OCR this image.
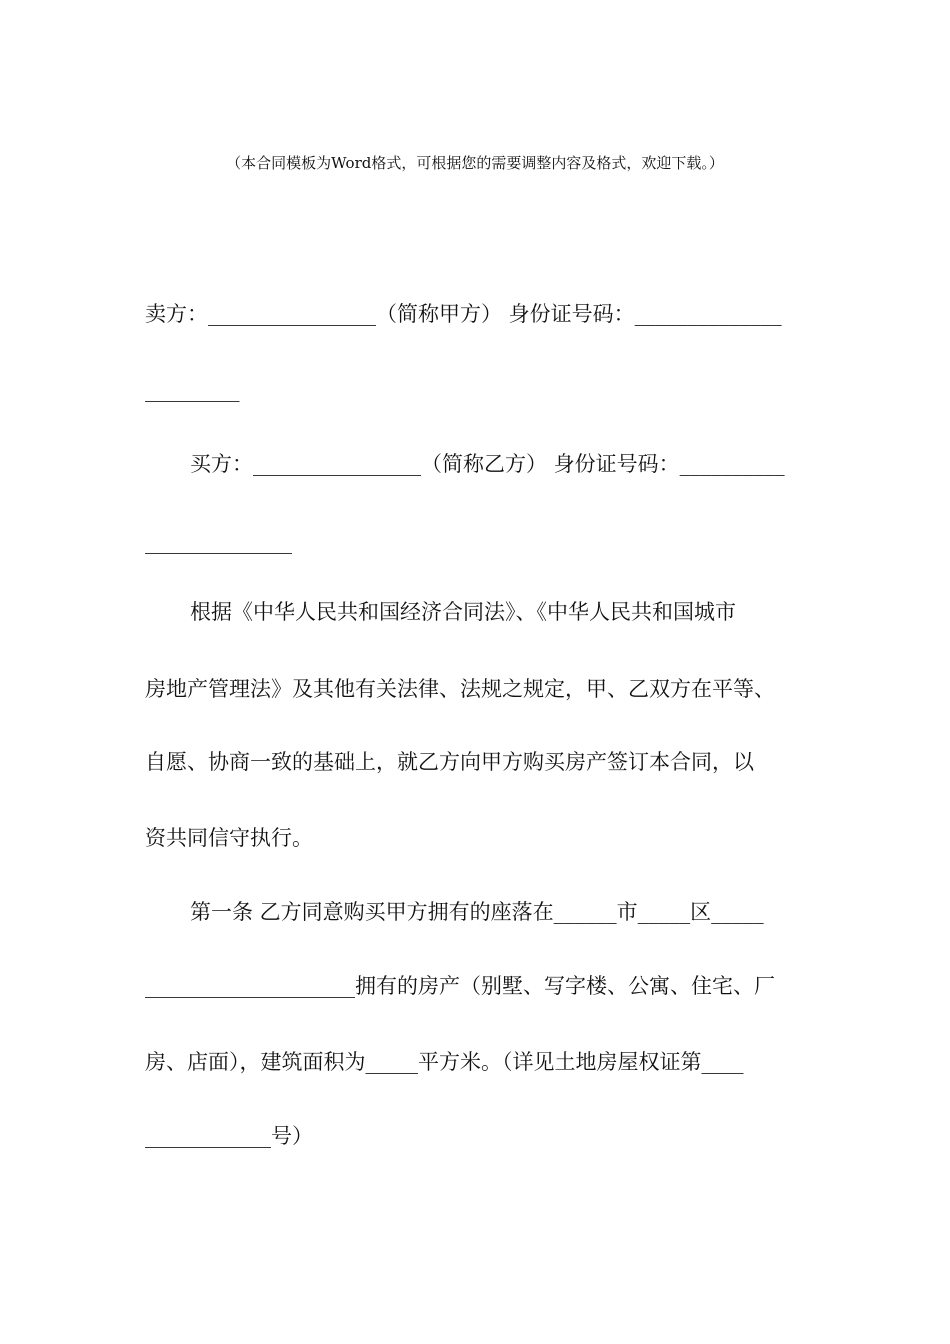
（本合同模板为Word格式，可根据您的需要调整内容及格式，欢迎下载。）
卖方：________________（简称甲方） 身份证号码：______________
_________
买方：________________（简称乙方） 身份证号码：__________
______________
根据《中华人民共和国经济合同法》、《中华人民共和国城市
房地产管理法》及其他有关法律、法规之规定，甲、乙双方在平等、
自愿、协商一致的基础上，就乙方向甲方购买房产签订本合同，以
资共同信守执行。
第一条 乙方同意购买甲方拥有的座落在______市_____区_____
____________________拥有的房产（别墅、写字楼、公寓、住宅、厂
房、店面），建筑面积为_____平方米。（详见土地房屋权证第____
____________号）
